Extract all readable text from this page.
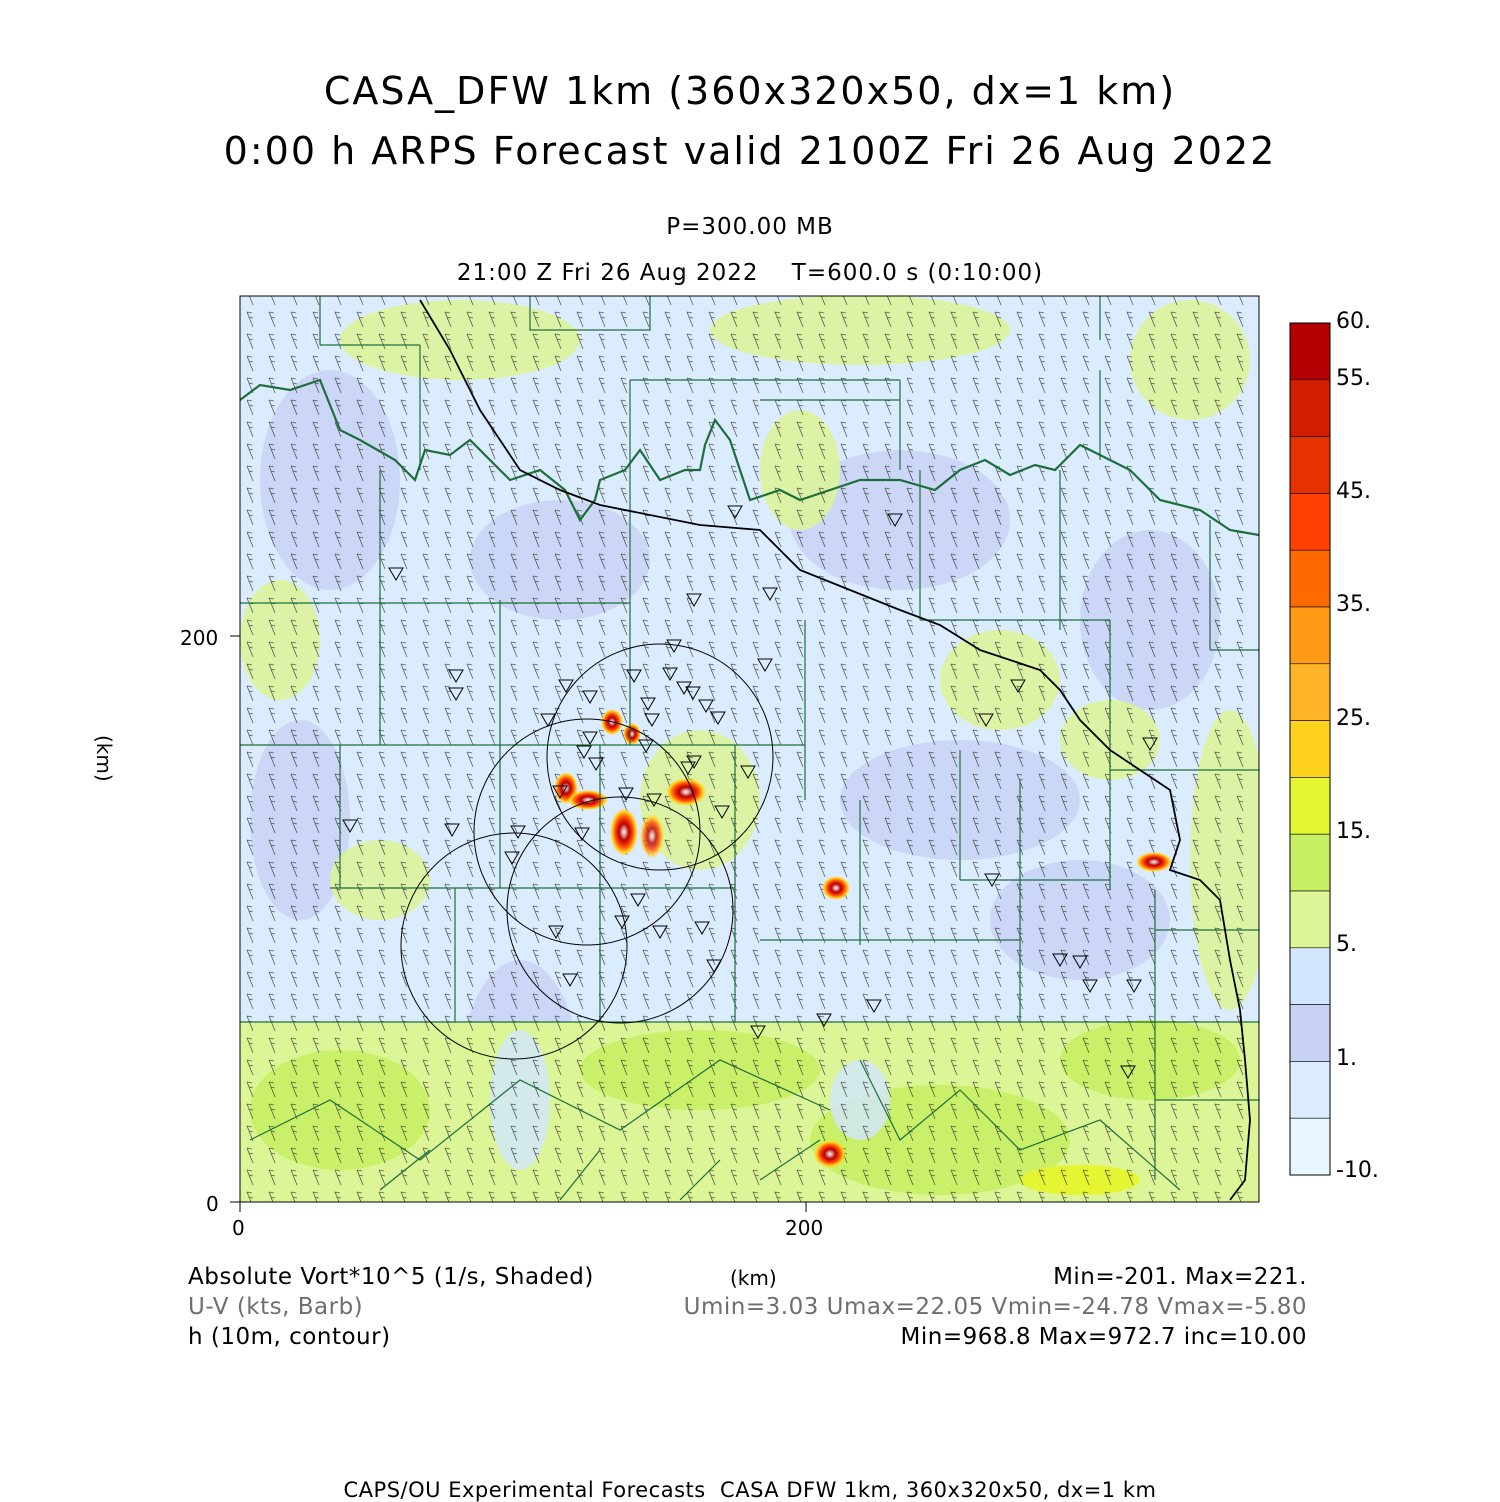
CASA_DFW 1km (360x320x50, dx=1 km)
0:00 h ARPS Forecast valid 2100Z Fri 26 Aug 2022
P=300.00 MB
21:00 Z Fri 26 Aug 2022    T=600.0 s (0:10:00)
200
0
0	200
(km)
60.
55.
45.
35.
25.
15.
5.
1.
-10.
Absolute Vort*10^5 (1/s, Shaded)	(km)	Min=-201. Max=221.
U-V (kts, Barb)	Umin=3.03 Umax=22.05 Vmin=-24.78 Vmax=-5.80
h (10m, contour)	Min=968.8 Max=972.7 inc=10.00
CAPS/OU Experimental Forecasts  CASA DFW 1km, 360x320x50, dx=1 km
